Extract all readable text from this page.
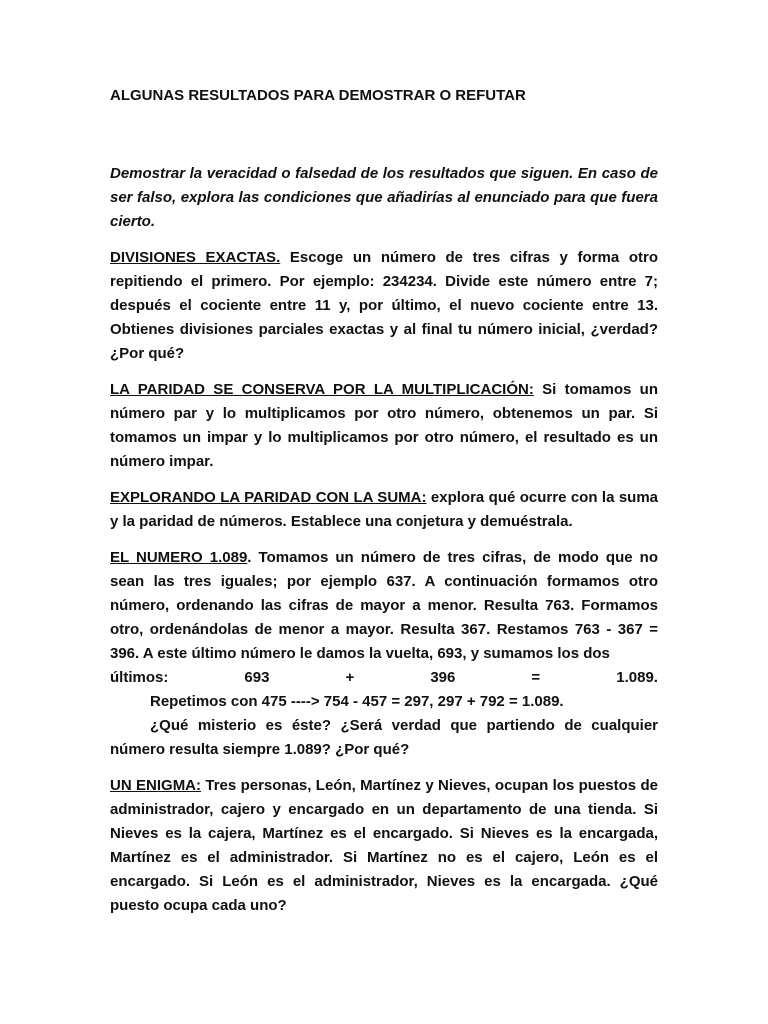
ALGUNAS RESULTADOS PARA DEMOSTRAR O REFUTAR

Demostrar la veracidad o falsedad de los resultados que siguen. En caso de ser falso, explora las condiciones que añadirías al enunciado para que fuera cierto.

DIVISIONES EXACTAS. Escoge un número de tres cifras y forma otro repitiendo el primero. Por ejemplo: 234234. Divide este número entre 7; después el cociente entre 11 y, por último, el nuevo cociente entre 13. Obtienes divisiones parciales exactas y al final tu número inicial, ¿verdad? ¿Por qué?

LA PARIDAD SE CONSERVA POR LA MULTIPLICACIÓN: Si tomamos un número par y lo multiplicamos por otro número, obtenemos un par. Si tomamos un impar y lo multiplicamos por otro número, el resultado es un número impar.

EXPLORANDO LA PARIDAD CON LA SUMA: explora qué ocurre con la suma y la paridad de números. Establece una conjetura y demuéstrala.

EL NUMERO 1.089. Tomamos un número de tres cifras, de modo que no sean las tres iguales; por ejemplo 637. A continuación formamos otro número, ordenando las cifras de mayor a menor. Resulta 763. Formamos otro, ordenándolas de menor a mayor. Resulta 367. Restamos 763 - 367 = 396. A este último número le damos la vuelta, 693, y sumamos los dos

últimos:	693	+	396	=	1.089.

Repetimos con 475 ----> 754 - 457 = 297, 297 + 792 = 1.089.

¿Qué misterio es éste? ¿Será verdad que partiendo de cualquier número resulta siempre 1.089? ¿Por qué?

UN ENIGMA: Tres personas, León, Martínez y Nieves, ocupan los puestos de administrador, cajero y encargado en un departamento de una tienda. Si Nieves es la cajera, Martínez es el encargado. Si Nieves es la encargada, Martínez es el administrador. Si Martínez no es el cajero, León es el encargado. Si León es el administrador, Nieves es la encargada. ¿Qué puesto ocupa cada uno?
